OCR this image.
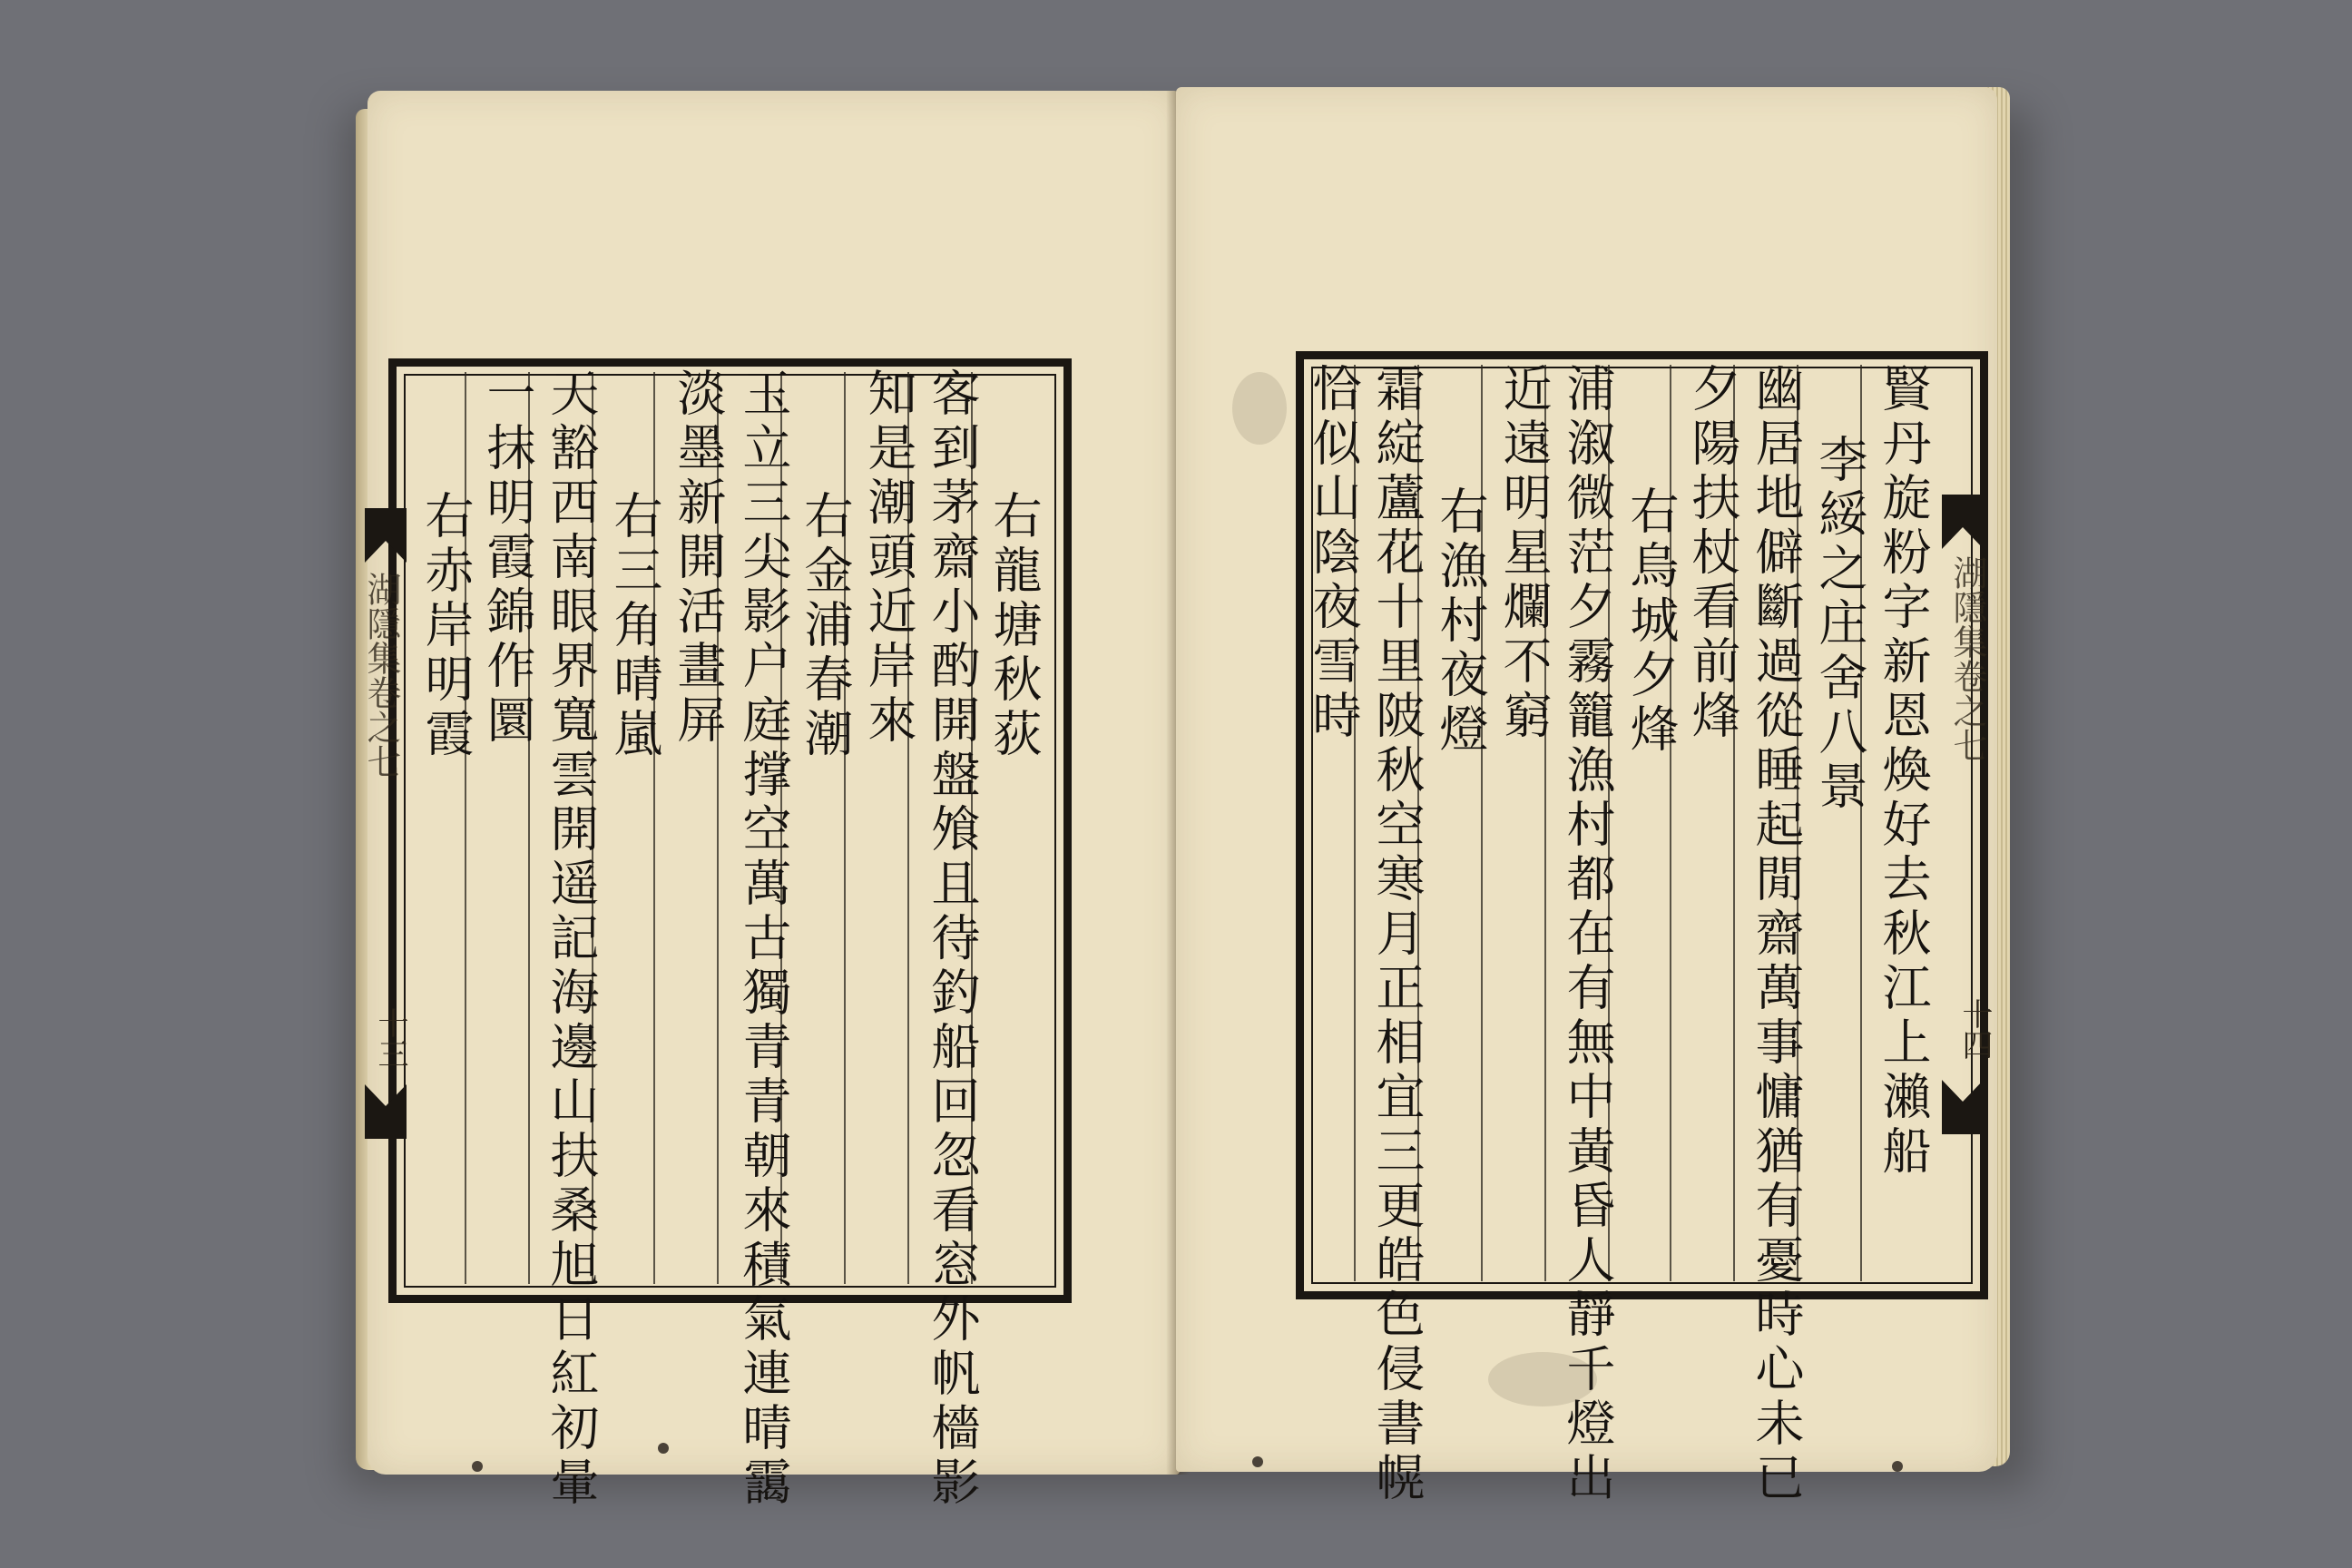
右龍塘秋荻
客到茅齋小酌開盤飧且待釣船回忽看窓外帆檣影
知是潮頭近岸來
右金浦春潮
玉立三尖影户庭撑空萬古獨青青朝來積氣連晴靄
淡墨新開活畫屏
右三角晴嵐
天豁西南眼界寬雲開遥記海邊山扶桑旭日紅初暈
一抹明霞錦作圜
右赤岸明霞
湖隱集卷之七
十三	賢丹旋粉字新恩煥好去秋江上瀨船
李綏之庄舍八景
幽居地僻斷過從睡起閒齋萬事慵猶有憂時心未已
夕陽扶杖看前烽
右烏城夕烽
浦溆微茫夕霧籠漁村都在有無中黃昏人靜千燈出
近遠明星爛不窮
右漁村夜燈
霜綻蘆花十里陂秋空寒月正相宜三更皓色侵書幌
恰似山陰夜雪時	湖隱集卷之七
十四
